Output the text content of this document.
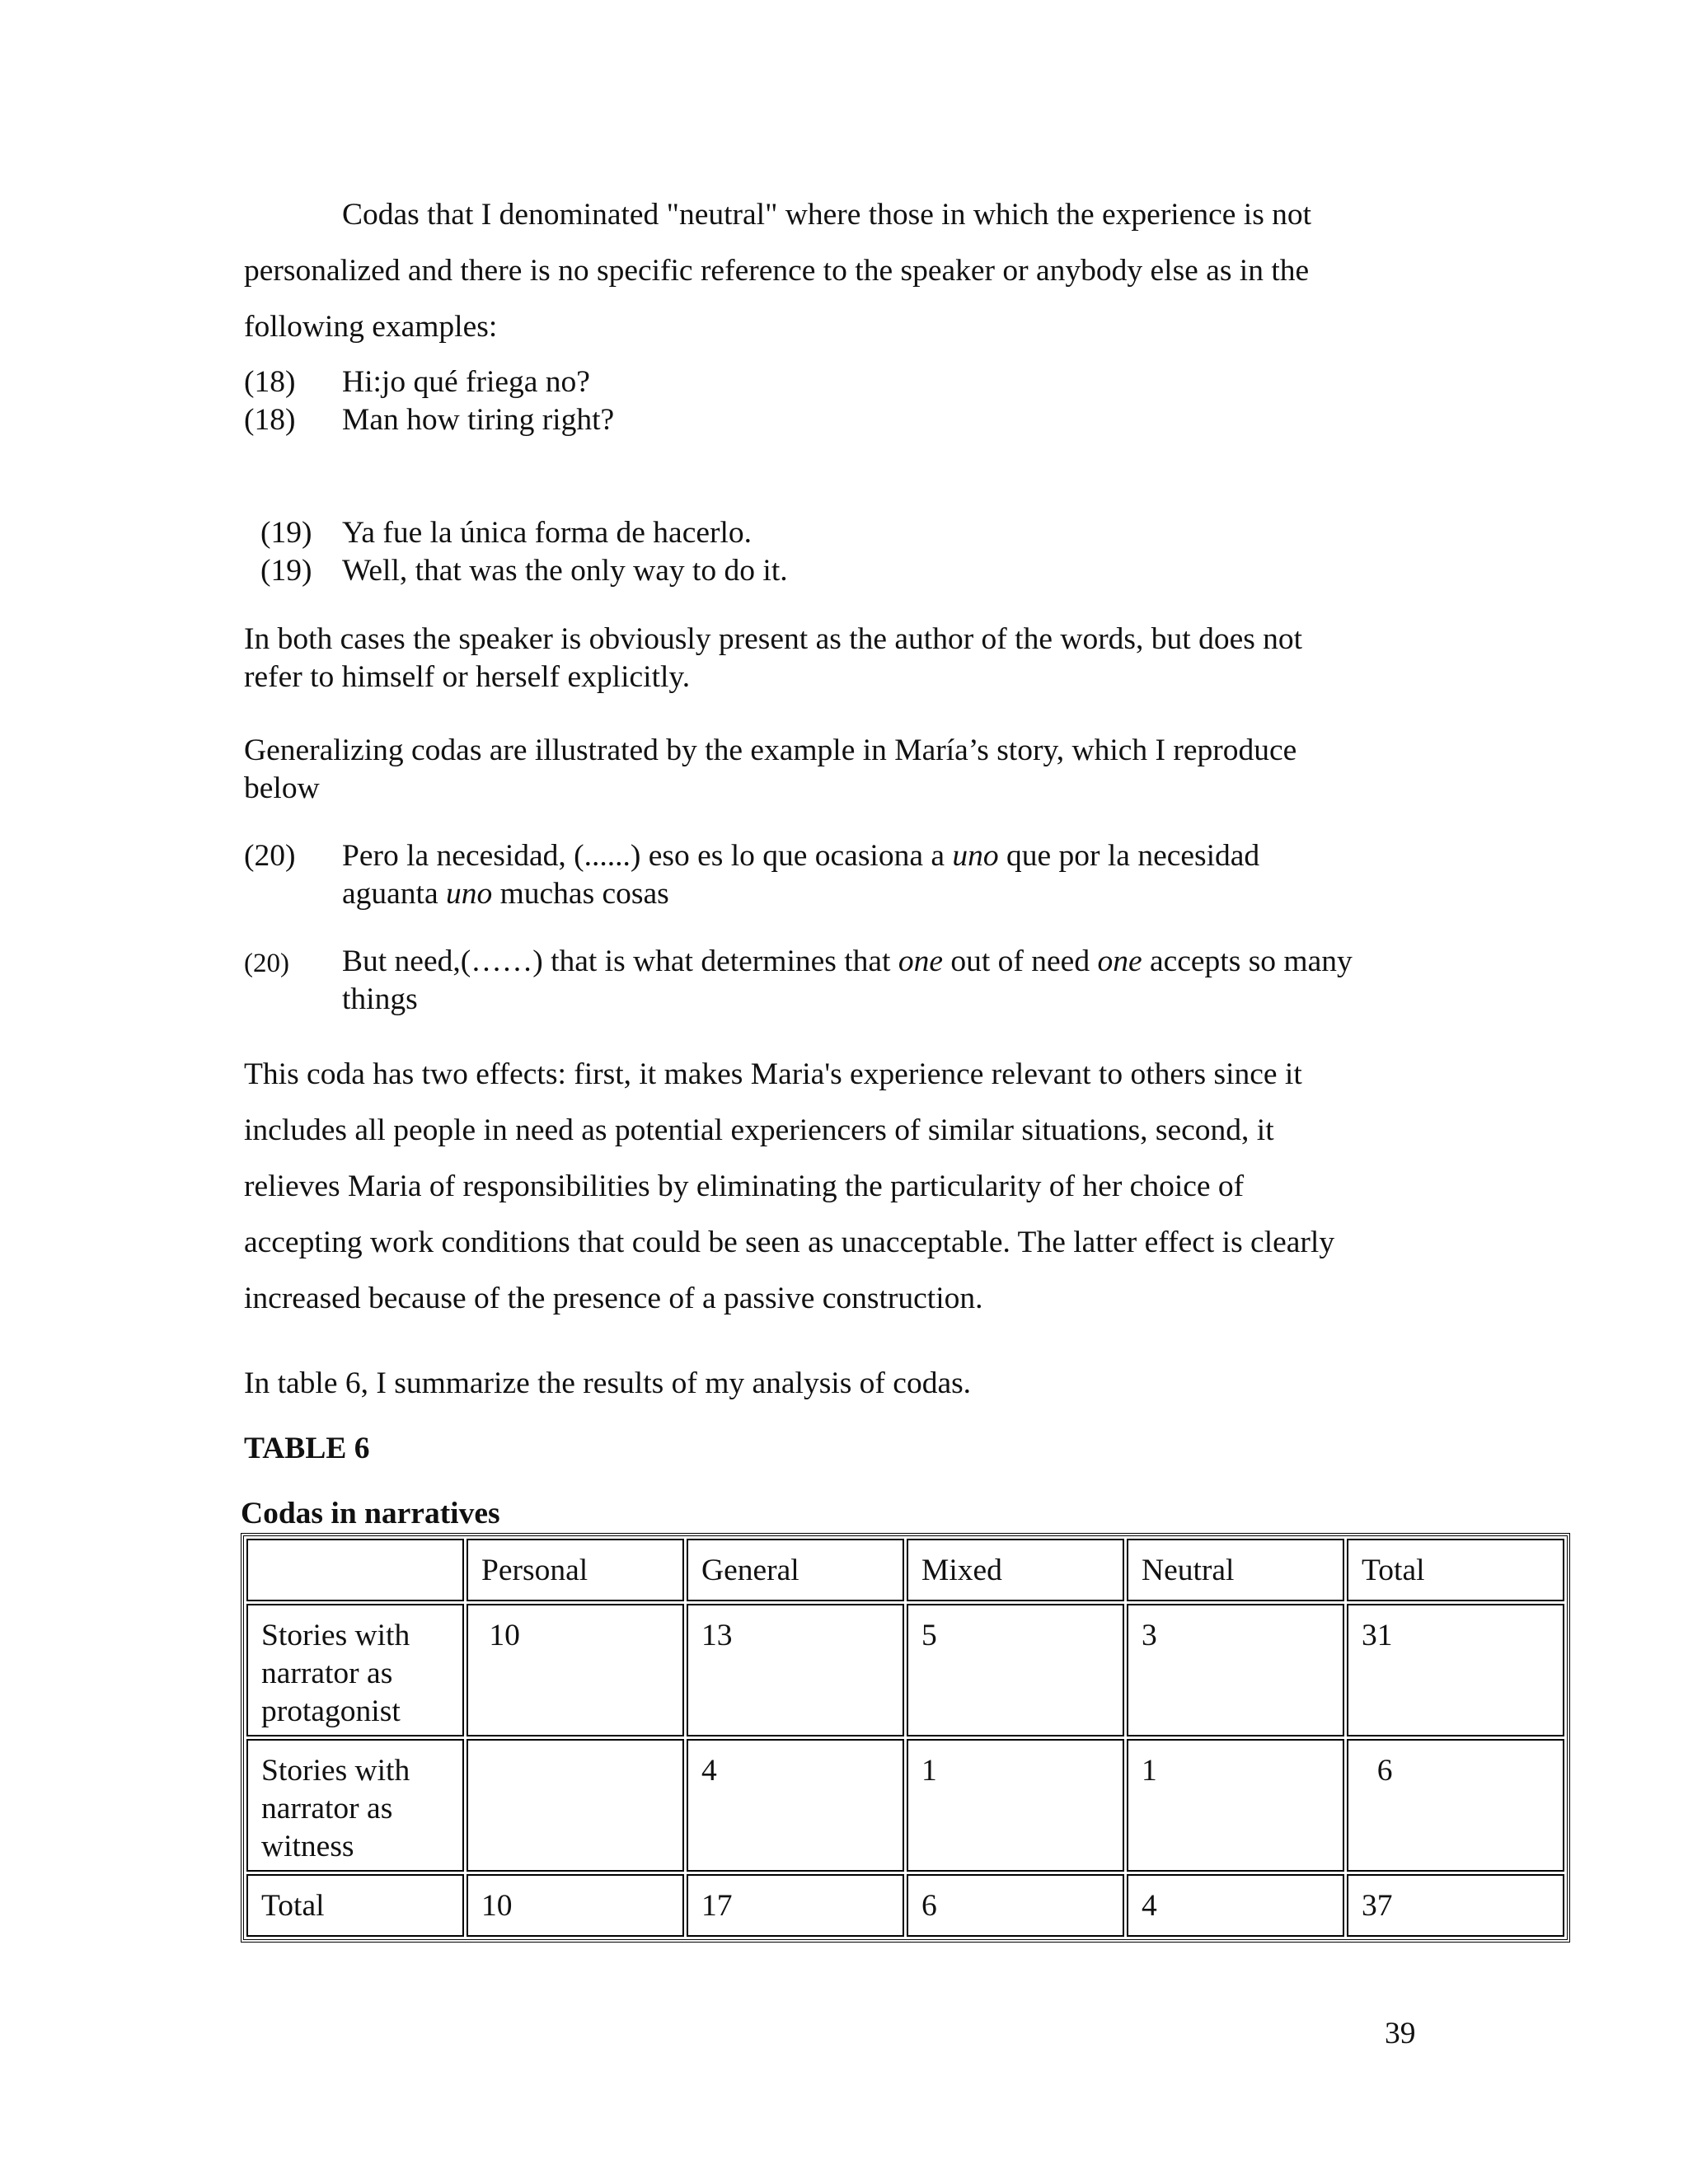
Codas that I denominated "neutral" where those in which the experience is not

personalized and there is no specific reference to the speaker or anybody else as in the

following examples:

(18) Hi:jo qué friega no?
(18) Man how tiring right?
(19) Ya fue la única forma de hacerlo.
(19) Well, that was the only way to do it.

In both cases the speaker is obviously present as the author of the words, but does not

refer to himself or herself explicitly.

Generalizing codas are illustrated by the example in María’s story, which I reproduce

below

(20) Pero la necesidad, (......) eso es lo que ocasiona a uno que por la necesidad
aguanta uno muchas cosas
(20) But need,(……) that is what determines that one out of need one accepts so many
things

This coda has two effects: first, it makes Maria's experience relevant to others since it

includes all people in need as potential experiencers of similar situations, second, it

relieves Maria of responsibilities by eliminating the particularity of her choice of

accepting work conditions that could be seen as unacceptable. The latter effect is clearly

increased because of the presence of a passive construction.

In table 6, I summarize the results of my analysis of codas.

TABLE 6

Codas in narratives

	Personal	General	Mixed	Neutral	Total
Stories with narrator as protagonist	10	13	5	3	31
Stories with narrator as witness		4	1	1	6
Total	10	17	6	4	37
39
